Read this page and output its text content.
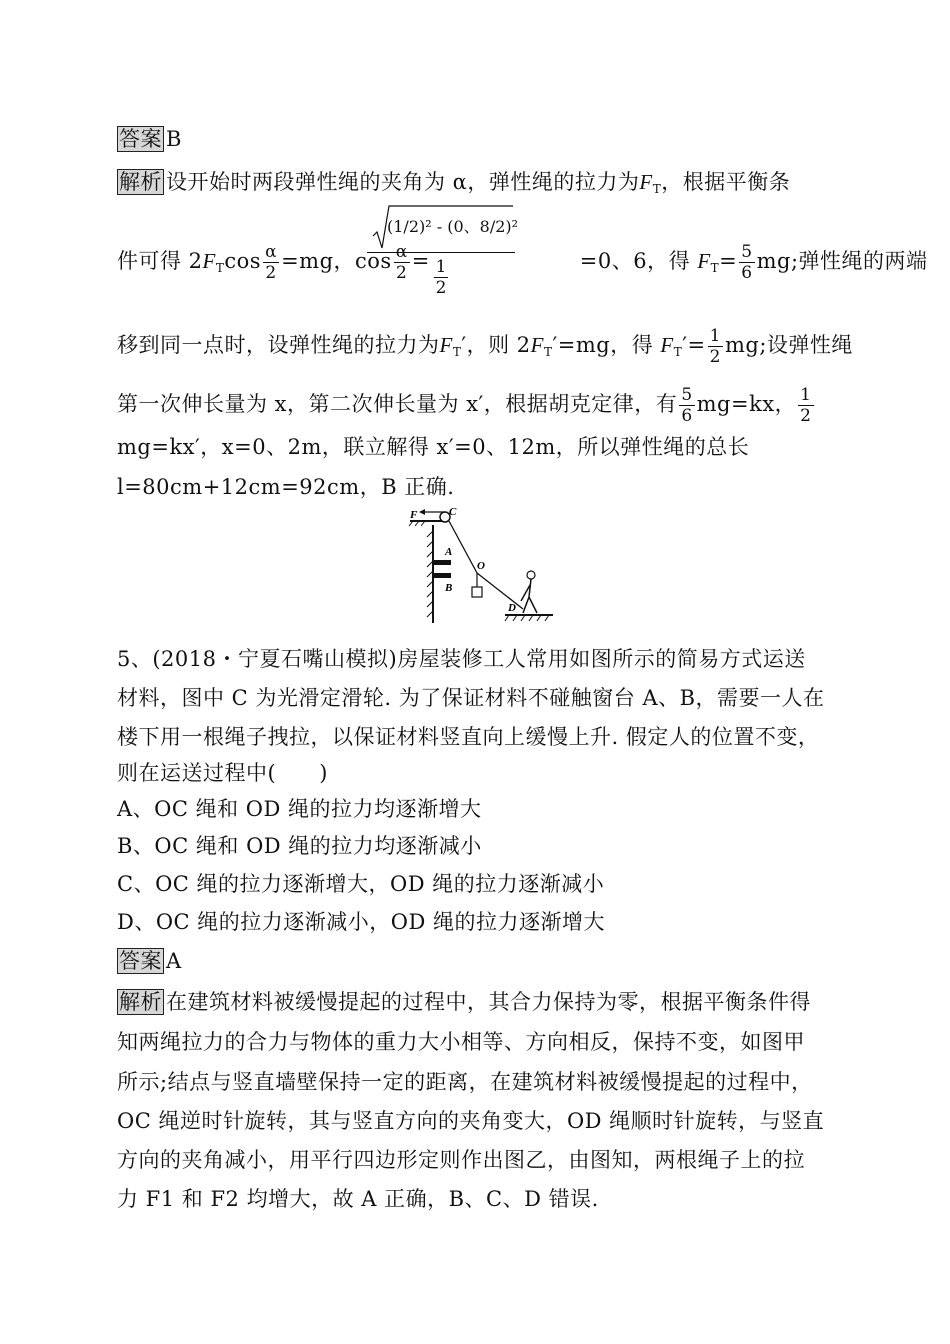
答案 B
解析 设开始时两段弹性绳的夹角为 α，弹性绳的拉力为$F_T$，根据平衡条
件可得 $2F_T\cos \frac{\alpha}{2} =mg$，$\cos \frac{\alpha}{2}$ =	=0、6，得 $F_T= \frac{5}{6}$ mg;弹性绳的两端
$\frac{\text{(1/2)² - (0、8/2)²}}{\frac{1}{2}}$
移到同一点时，设弹性绳的拉力为$F_T'$，则 $2F_T'=mg$，得 $F_T'= \frac{1}{2}$ mg;设弹性绳
第一次伸长量为 x，第二次伸长量为 x′，根据胡克定律，有 $\frac{5}{6} mg=kx$， $\frac{1}{2}$
mg=kx′，x=0、2m，联立解得 x′=0、12m，所以弹性绳的总长
l=80cm+12cm=92cm，B 正确.
F	C
A
B
O
D
5、(2018・宁夏石嘴山模拟)房屋装修工人常用如图所示的简易方式运送
材料，图中 C 为光滑定滑轮. 为了保证材料不碰触窗台 A、B，需要一人在
楼下用一根绳子拽拉，以保证材料竖直向上缓慢上升. 假定人的位置不变，
则在运送过程中(　　)
A、OC 绳和 OD 绳的拉力均逐渐增大
B、OC 绳和 OD 绳的拉力均逐渐减小
C、OC 绳的拉力逐渐增大，OD 绳的拉力逐渐减小
D、OC 绳的拉力逐渐减小，OD 绳的拉力逐渐增大
答案 A
解析 在建筑材料被缓慢提起的过程中，其合力保持为零，根据平衡条件得
知两绳拉力的合力与物体的重力大小相等、方向相反，保持不变，如图甲
所示;结点与竖直墙壁保持一定的距离，在建筑材料被缓慢提起的过程中，
OC 绳逆时针旋转，其与竖直方向的夹角变大，OD 绳顺时针旋转，与竖直
方向的夹角减小，用平行四边形定则作出图乙，由图知，两根绳子上的拉
力 F1 和 F2 均增大，故 A 正确，B、C、D 错误.
